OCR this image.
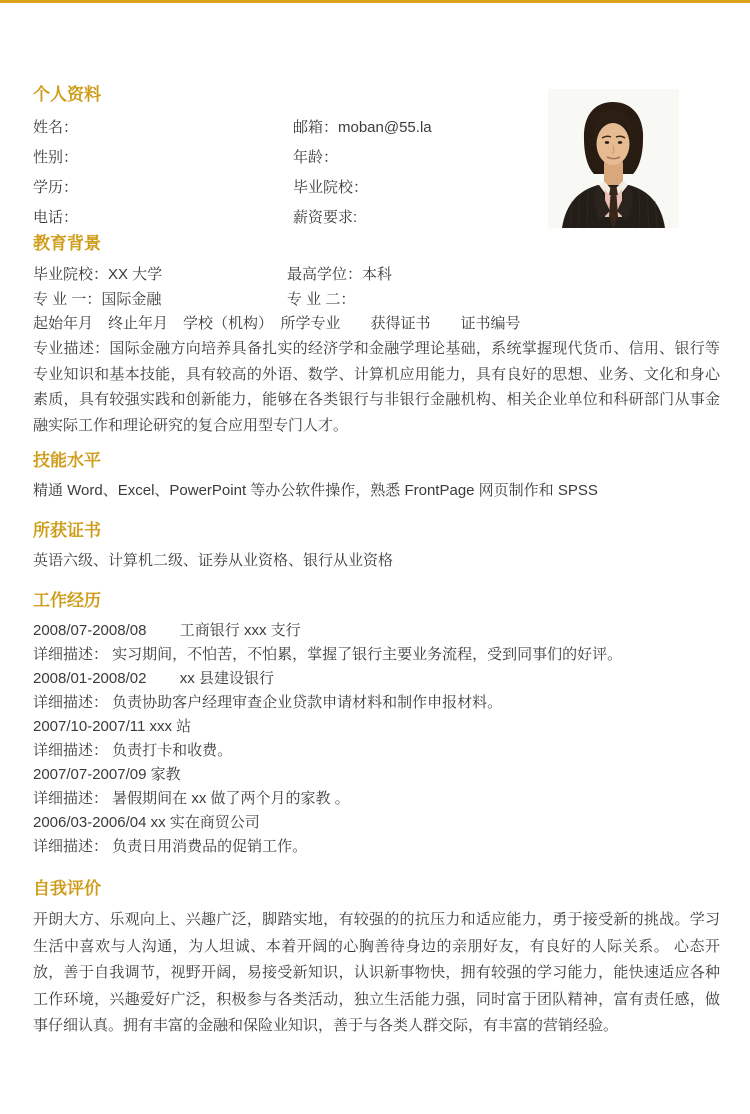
个人资料
姓名：	邮箱：moban@55.la
性别：	年龄：
学历：	毕业院校：
电话：	薪资要求:
教育背景
毕业院校：XX 大学	最高学位：本科
专 业 一：国际金融	专 业 二：
起始年月　终止年月　学校（机构）　所学专业　　获得证书　　证书编号

专业描述：国际金融方向培养具备扎实的经济学和金融学理论基础，系统掌握现代货币、信用、银行等专业知识和基本技能，具有较高的外语、数学、计算机应用能力，具有良好的思想、业务、文化和身心素质，具有较强实践和创新能力，能够在各类银行与非银行金融机构、相关企业单位和科研部门从事金融实际工作和理论研究的复合应用型专门人才。

技能水平
精通 Word、Excel、PowerPoint 等办公软件操作，熟悉 FrontPage 网页制作和 SPSS
所获证书
英语六级、计算机二级、证券从业资格、银行从业资格
工作经历
2008/07-2008/08        工商银行 xxx 支行
详细描述： 实习期间，不怕苦，不怕累，掌握了银行主要业务流程，受到同事们的好评。
2008/01-2008/02        xx 县建设银行
详细描述： 负责协助客户经理审查企业贷款申请材料和制作申报材料。
2007/10-2007/11 xxx 站
详细描述： 负责打卡和收费。
2007/07-2007/09 家教
详细描述： 暑假期间在 xx 做了两个月的家教 。
2006/03-2006/04 xx 实在商贸公司
详细描述： 负责日用消费品的促销工作。
自我评价

开朗大方、乐观向上、兴趣广泛，脚踏实地，有较强的的抗压力和适应能力，勇于接受新的挑战。学习生活中喜欢与人沟通，为人坦诚、本着开阔的心胸善待身边的亲朋好友，有良好的人际关系。 心态开放，善于自我调节，视野开阔，易接受新知识，认识新事物快，拥有较强的学习能力，能快速适应各种工作环境，兴趣爱好广泛，积极参与各类活动，独立生活能力强，同时富于团队精神，富有责任感，做事仔细认真。拥有丰富的金融和保险业知识，善于与各类人群交际，有丰富的营销经验。
